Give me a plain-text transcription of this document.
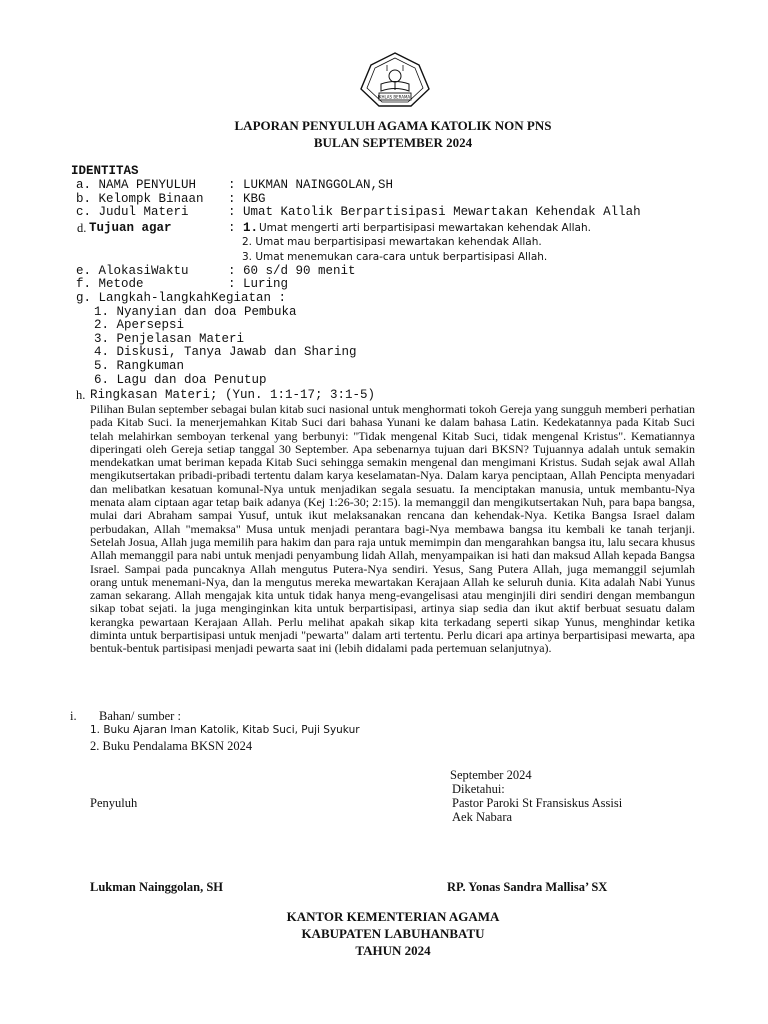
IKHLAS BERAMAL
LAPORAN PENYULUH AGAMA KATOLIK NON PNS
BULAN SEPTEMBER 2024
IDENTITAS
a. NAMA PENYULUH	: LUKMAN NAINGGOLAN,SH
b. Kelompk Binaan : KBG
c. Judul Materi	: Umat Katolik Berpartisipasi Mewartakan Kehendak Allah
d. Tujuan agar	: 1. Umat mengerti arti berpartisipasi mewartakan kehendak Allah.
2. Umat mau berpartisipasi mewartakan kehendak Allah.
3. Umat menemukan cara-cara untuk berpartisipasi Allah.
e. AlokasiWaktu	: 60 s/d 90 menit
f. Metode	: Luring
g. Langkah-langkahKegiatan :
1. Nyanyian dan doa Pembuka
2. Apersepsi
3. Penjelasan Materi
4. Diskusi, Tanya Jawab dan Sharing
5. Rangkuman
6. Lagu dan doa Penutup
h. Ringkasan Materi; (Yun. 1:1-17; 3:1-5)
Pilihan Bulan september sebagai bulan kitab suci nasional untuk menghormati tokoh Gereja yang sungguh memberi perhatian pada Kitab Suci. Ia menerjemahkan Kitab Suci dari bahasa Yunani ke dalam bahasa Latin. Kedekatannya pada Kitab Suci telah melahirkan semboyan terkenal yang berbunyi: "Tidak mengenal Kitab Suci, tidak mengenal Kristus". Kematiannya diperingati oleh Gereja setiap tanggal 30 September. Apa sebenarnya tujuan dari BKSN? Tujuannya adalah untuk semakin mendekatkan umat beriman kepada Kitab Suci sehingga semakin mengenal dan mengimani Kristus. Sudah sejak awal Allah mengikutsertakan pribadi-pribadi tertentu dalam karya keselamatan-Nya. Dalam karya penciptaan, Allah Pencipta menyadari dan melibatkan kesatuan komunal-Nya untuk menjadikan segala sesuatu. Ia menciptakan manusia, untuk membantu-Nya menata alam ciptaan agar tetap baik adanya (Kej 1:26-30; 2:15). la memanggil dan mengikutsertakan Nuh, para bapa bangsa, mulai dari Abraham sampai Yusuf, untuk ikut melaksanakan rencana dan kehendak-Nya. Ketika Bangsa Israel dalam perbudakan, Allah "memaksa" Musa untuk menjadi perantara bagi-Nya membawa bangsa itu kembali ke tanah terjanji. Setelah Josua, Allah juga memilih para hakim dan para raja untuk memimpin dan mengarahkan bangsa itu, lalu secara khusus Allah memanggil para nabi untuk menjadi penyambung lidah Allah, menyampaikan isi hati dan maksud Allah kepada Bangsa Israel. Sampai pada puncaknya Allah mengutus Putera-Nya sendiri. Yesus, Sang Putera Allah, juga memanggil sejumlah orang untuk menemani-Nya, dan la mengutus mereka mewartakan Kerajaan Allah ke seluruh dunia. Kita adalah Nabi Yunus zaman sekarang. Allah mengajak kita untuk tidak hanya meng-evangelisasi atau menginjili diri sendiri dengan membangun sikap tobat sejati. la juga menginginkan kita untuk berpartisipasi, artinya siap sedia dan ikut aktif berbuat sesuatu dalam kerangka pewartaan Kerajaan Allah. Perlu melihat apakah sikap kita terkadang seperti sikap Yunus, menghindar ketika diminta untuk berpartisipasi untuk menjadi "pewarta" dalam arti tertentu. Perlu dicari apa artinya berpartisipasi mewarta, apa bentuk-bentuk partisipasi menjadi pewarta saat ini (lebih didalami pada pertemuan selanjutnya).
i. Bahan/ sumber :
1. Buku Ajaran Iman Katolik, Kitab Suci, Puji Syukur
2. Buku Pendalama BKSN 2024
September 2024
Diketahui:
Penyuluh	Pastor Paroki St Fransiskus Assisi
Aek Nabara
Lukman Nainggolan, SH	RP. Yonas Sandra Mallisa’ SX
KANTOR KEMENTERIAN AGAMA
KABUPATEN LABUHANBATU
TAHUN 2024
